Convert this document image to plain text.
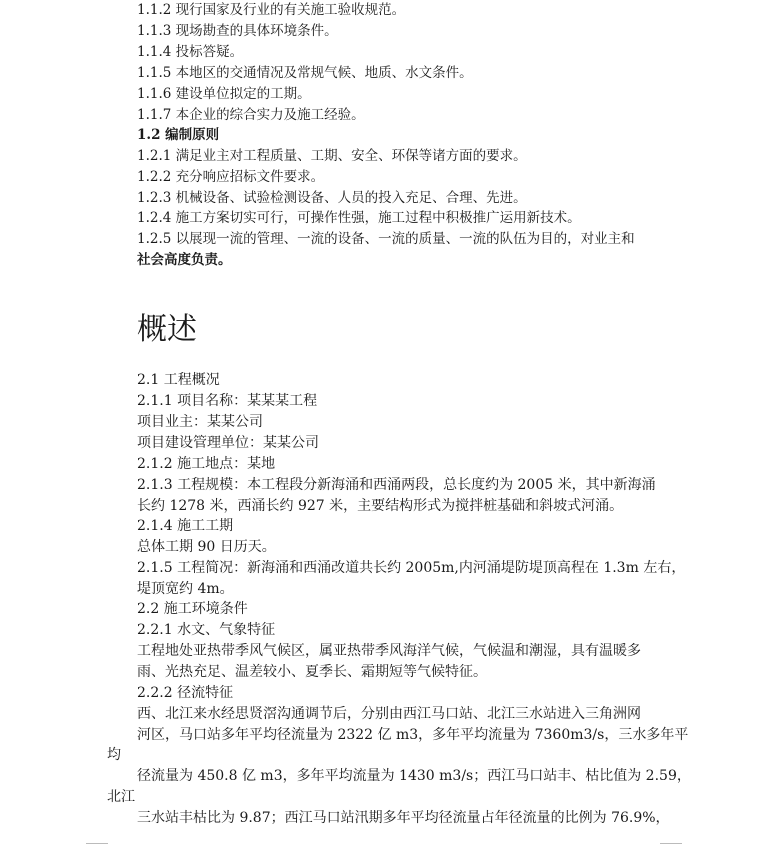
1.1.2 现行国家及行业的有关施工验收规范。
1.1.3 现场勘查的具体环境条件。
1.1.4 投标答疑。
1.1.5 本地区的交通情况及常规气候、地质、水文条件。
1.1.6 建设单位拟定的工期。
1.1.7 本企业的综合实力及施工经验。
1.2 编制原则
1.2.1 满足业主对工程质量、工期、安全、环保等诸方面的要求。
1.2.2 充分响应招标文件要求。
1.2.3 机械设备、试验检测设备、人员的投入充足、合理、先进。
1.2.4 施工方案切实可行，可操作性强，施工过程中积极推广运用新技术。
1.2.5 以展现一流的管理、一流的设备、一流的质量、一流的队伍为目的，对业主和
社会高度负责。
概述
2.1 工程概况
2.1.1 项目名称：某某某工程
项目业主：某某公司
项目建设管理单位：某某公司
2.1.2 施工地点：某地
2.1.3 工程规模：本工程段分新海涌和西涌两段，总长度约为 2005 米，其中新海涌
长约 1278 米，西涌长约 927 米，主要结构形式为搅拌桩基础和斜坡式河涌。
2.1.4 施工工期
总体工期 90 日历天。
2.1.5 工程简况：新海涌和西涌改道共长约 2005m,内河涌堤防堤顶高程在 1.3m 左右，
堤顶宽约 4m。
2.2 施工环境条件
2.2.1 水文、气象特征
工程地处亚热带季风气候区，属亚热带季风海洋气候，气候温和潮湿，具有温暖多
雨、光热充足、温差较小、夏季长、霜期短等气候特征。
2.2.2 径流特征
西、北江来水经思贤滘沟通调节后，分别由西江马口站、北江三水站进入三角洲网
河区，马口站多年平均径流量为 2322 亿 m3，多年平均流量为 7360m3/s，三水多年平
均
径流量为 450.8 亿 m3，多年平均流量为 1430 m3/s；西江马口站丰、枯比值为 2.59，
北江
三水站丰枯比为 9.87；西江马口站汛期多年平均径流量占年径流量的比例为 76.9%，
